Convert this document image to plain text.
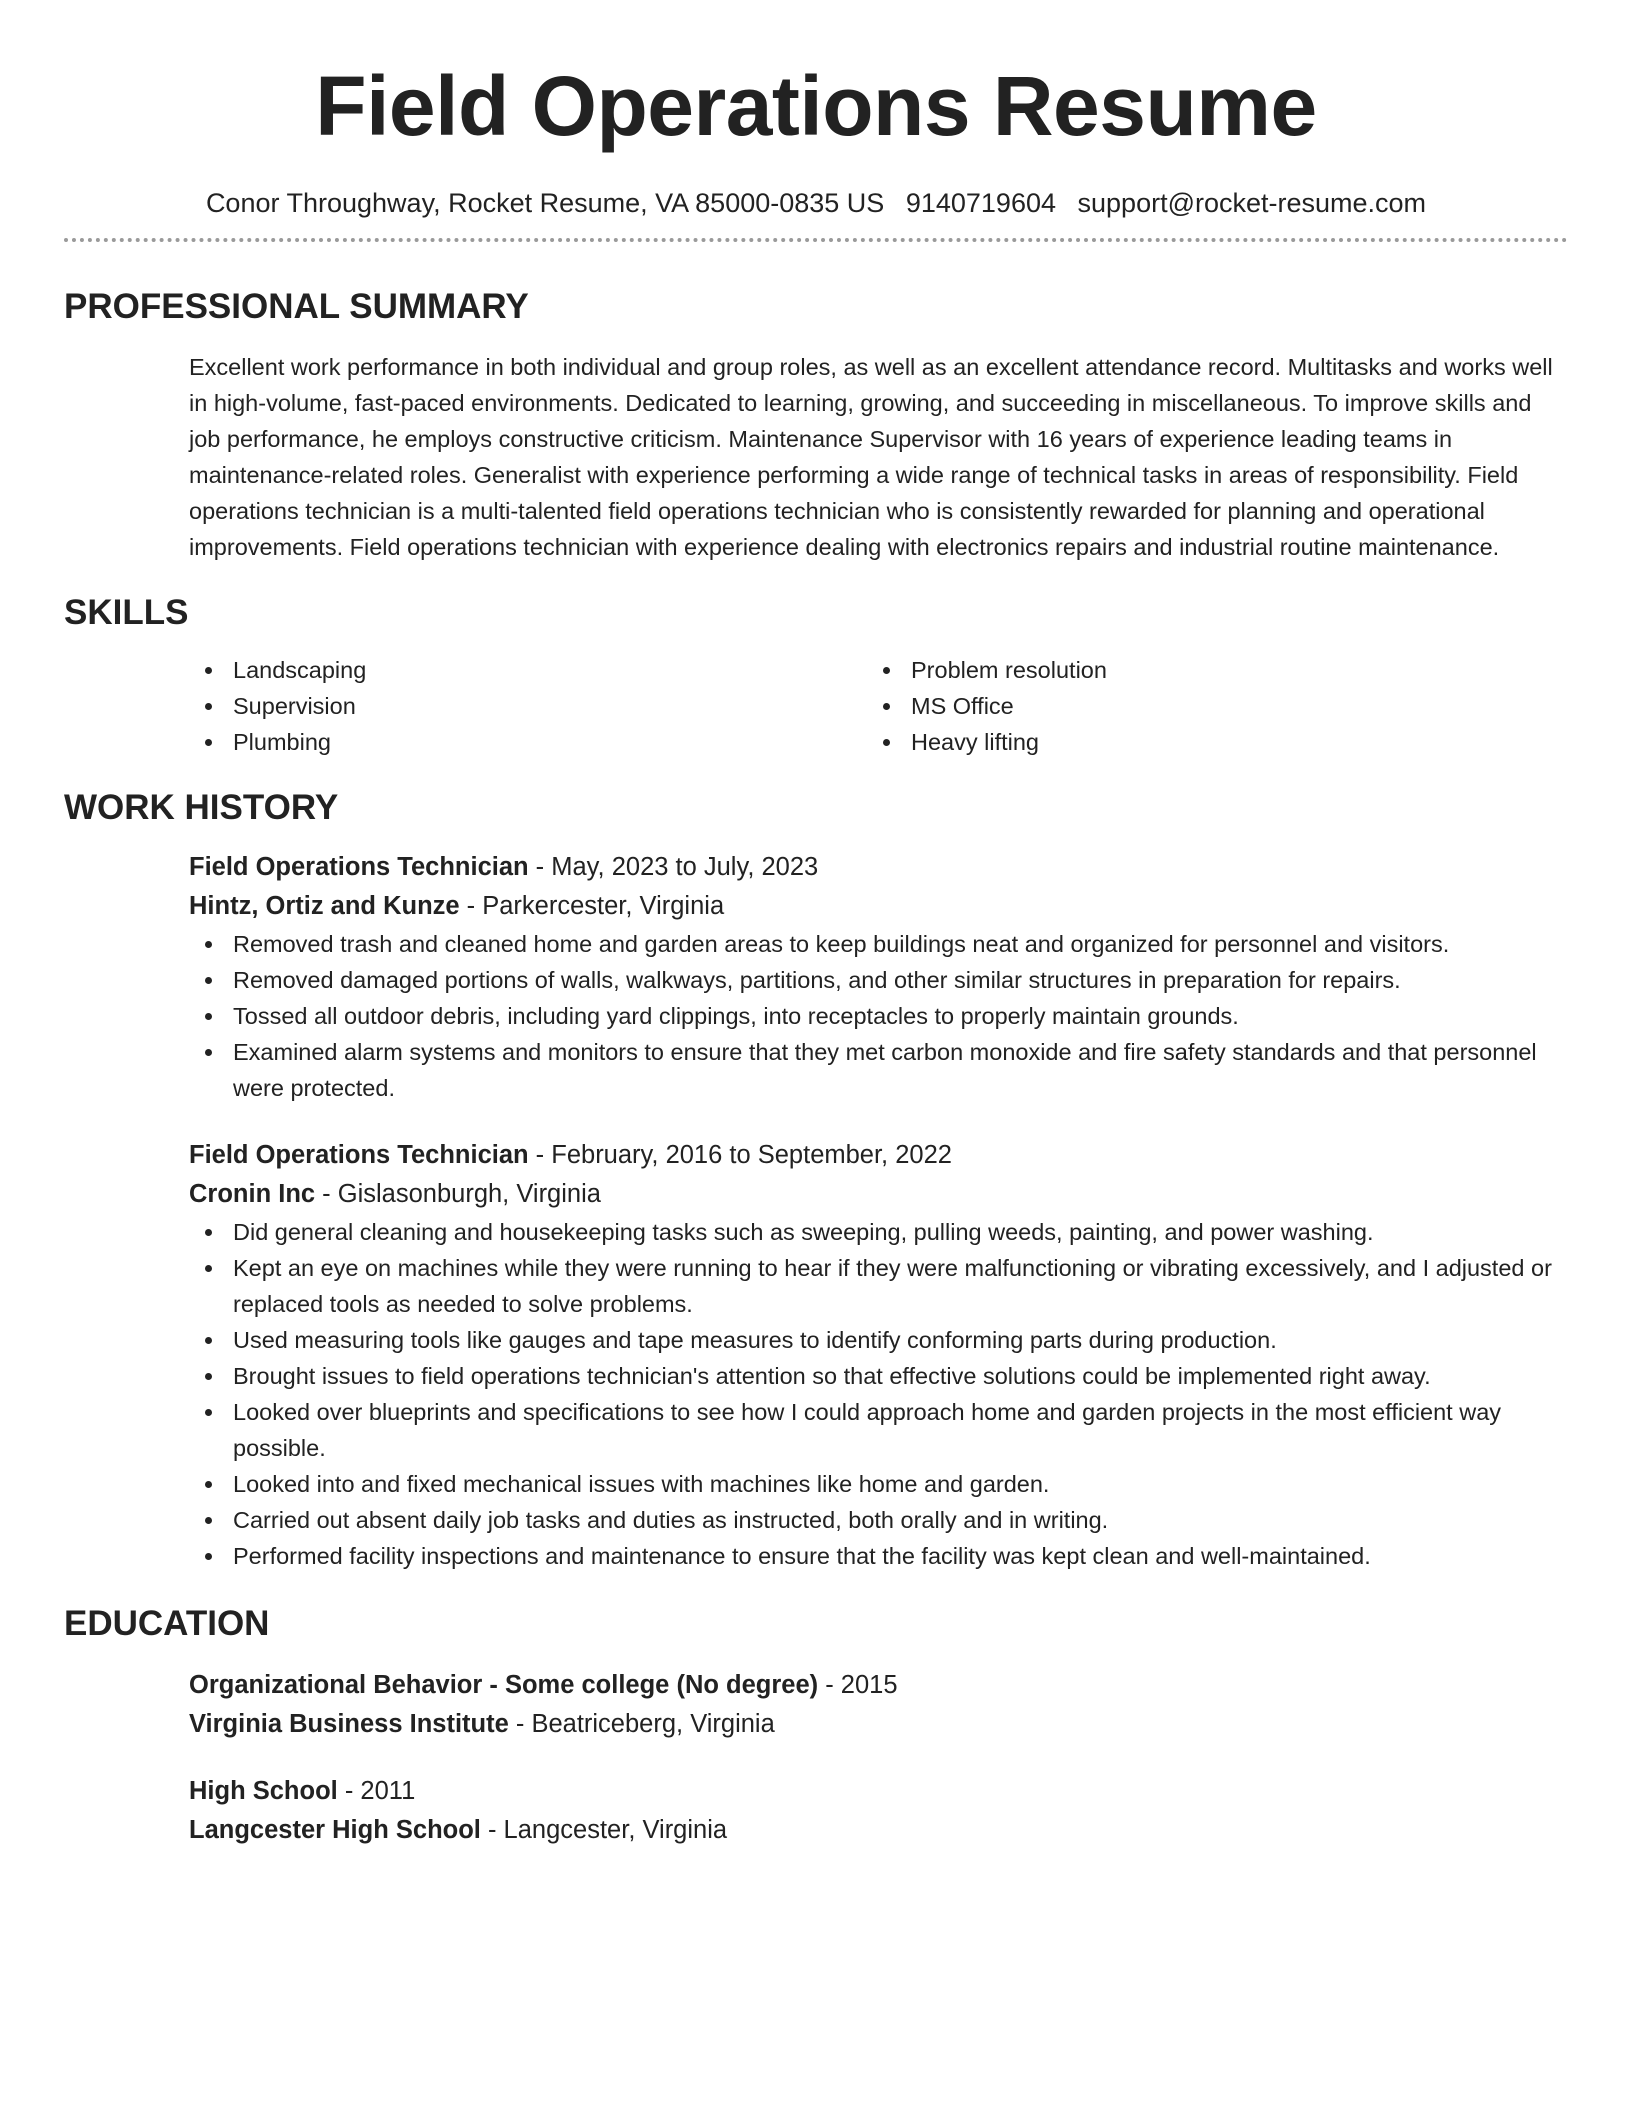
Field Operations Resume
Conor Throughway, Rocket Resume, VA 85000-0835 US 9140719604 support@rocket-resume.com
PROFESSIONAL SUMMARY
Excellent work performance in both individual and group roles, as well as an excellent attendance record. Multitasks and works well in high-volume, fast-paced environments. Dedicated to learning, growing, and succeeding in miscellaneous. To improve skills and job performance, he employs constructive criticism. Maintenance Supervisor with 16 years of experience leading teams in maintenance-related roles. Generalist with experience performing a wide range of technical tasks in areas of responsibility. Field operations technician is a multi-talented field operations technician who is consistently rewarded for planning and operational improvements. Field operations technician with experience dealing with electronics repairs and industrial routine maintenance.
SKILLS
Landscaping
Supervision
Plumbing
Problem resolution
MS Office
Heavy lifting
WORK HISTORY
Field Operations Technician - May, 2023 to July, 2023
Hintz, Ortiz and Kunze - Parkercester, Virginia
Removed trash and cleaned home and garden areas to keep buildings neat and organized for personnel and visitors.
Removed damaged portions of walls, walkways, partitions, and other similar structures in preparation for repairs.
Tossed all outdoor debris, including yard clippings, into receptacles to properly maintain grounds.
Examined alarm systems and monitors to ensure that they met carbon monoxide and fire safety standards and that personnel were protected.
Field Operations Technician - February, 2016 to September, 2022
Cronin Inc - Gislasonburgh, Virginia
Did general cleaning and housekeeping tasks such as sweeping, pulling weeds, painting, and power washing.
Kept an eye on machines while they were running to hear if they were malfunctioning or vibrating excessively, and I adjusted or replaced tools as needed to solve problems.
Used measuring tools like gauges and tape measures to identify conforming parts during production.
Brought issues to field operations technician's attention so that effective solutions could be implemented right away.
Looked over blueprints and specifications to see how I could approach home and garden projects in the most efficient way possible.
Looked into and fixed mechanical issues with machines like home and garden.
Carried out absent daily job tasks and duties as instructed, both orally and in writing.
Performed facility inspections and maintenance to ensure that the facility was kept clean and well-maintained.
EDUCATION
Organizational Behavior - Some college (No degree) - 2015
Virginia Business Institute - Beatriceberg, Virginia
High School - 2011
Langcester High School - Langcester, Virginia
